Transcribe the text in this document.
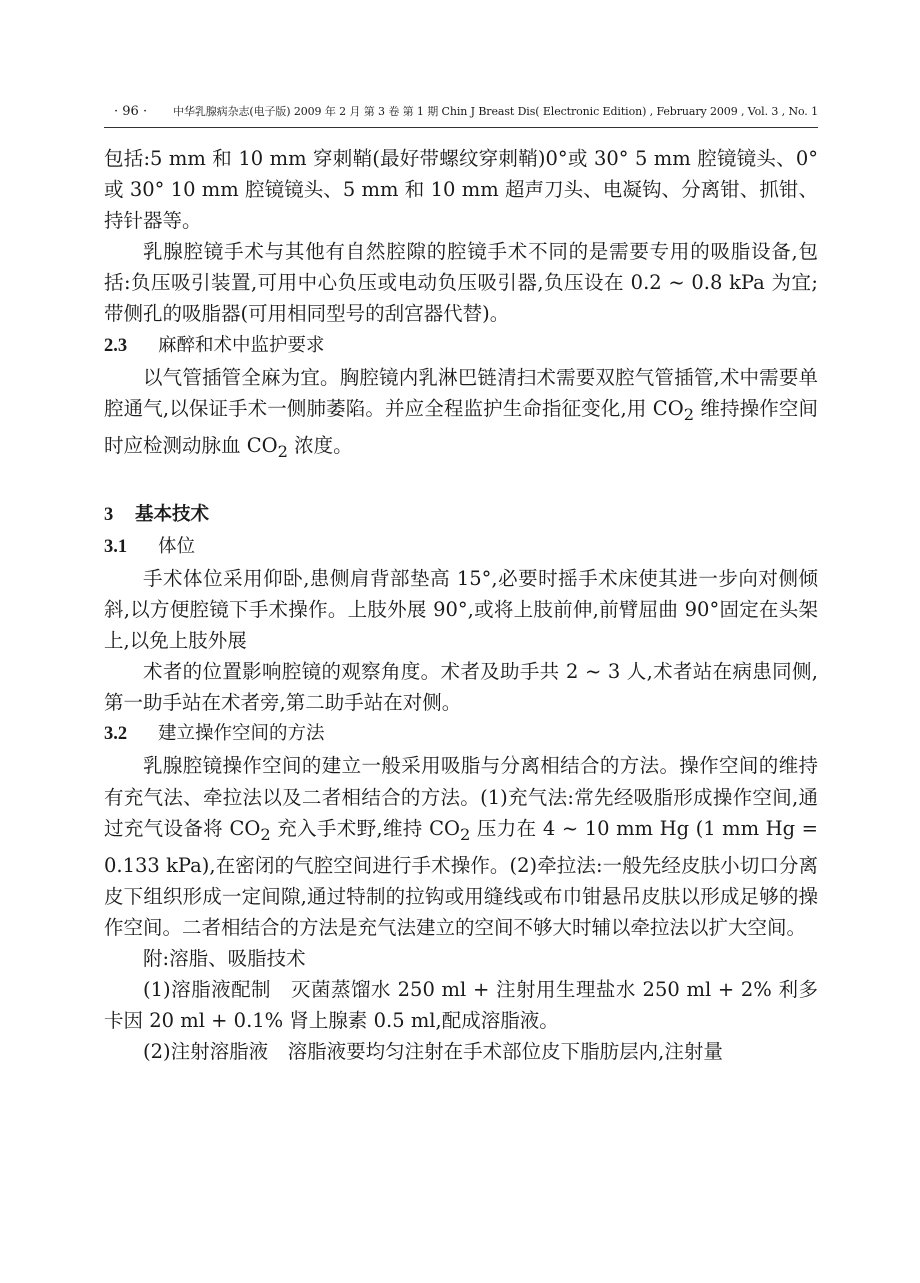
· 96 · 中华乳腺病杂志(电子版) 2009 年 2 月 第 3 卷 第 1 期 Chin J Breast Dis( Electronic Edition) , February 2009 , Vol. 3 , No. 1

包括:5 mm 和 10 mm 穿刺鞘(最好带螺纹穿刺鞘)0°或 30° 5 mm 腔镜镜头、0°或 30° 10 mm 腔镜镜头、5 mm 和 10 mm 超声刀头、电凝钩、分离钳、抓钳、持针器等。

乳腺腔镜手术与其他有自然腔隙的腔镜手术不同的是需要专用的吸脂设备,包括:负压吸引装置,可用中心负压或电动负压吸引器,负压设在 0.2 ~ 0.8 kPa 为宜;带侧孔的吸脂器(可用相同型号的刮宫器代替)。

2.3 麻醉和术中监护要求

以气管插管全麻为宜。胸腔镜内乳淋巴链清扫术需要双腔气管插管,术中需要单腔通气,以保证手术一侧肺萎陷。并应全程监护生命指征变化,用 $CO_2$ 维持操作空间时应检测动脉血 $CO_2$ 浓度。

3 基本技术

3.1 体位

手术体位采用仰卧,患侧肩背部垫高 15°,必要时摇手术床使其进一步向对侧倾斜,以方便腔镜下手术操作。上肢外展 90°,或将上肢前伸,前臂屈曲 90°固定在头架上,以免上肢外展

术者的位置影响腔镜的观察角度。术者及助手共 2 ~ 3 人,术者站在病患同侧,第一助手站在术者旁,第二助手站在对侧。

3.2 建立操作空间的方法

乳腺腔镜操作空间的建立一般采用吸脂与分离相结合的方法。操作空间的维持有充气法、牵拉法以及二者相结合的方法。(1)充气法:常先经吸脂形成操作空间,通过充气设备将 $CO_2$ 充入手术野,维持 $CO_2$ 压力在 4 ~ 10 mm Hg (1 mm Hg = 0.133 kPa),在密闭的气腔空间进行手术操作。(2)牵拉法:一般先经皮肤小切口分离皮下组织形成一定间隙,通过特制的拉钩或用缝线或布巾钳悬吊皮肤以形成足够的操作空间。二者相结合的方法是充气法建立的空间不够大时辅以牵拉法以扩大空间。

附:溶脂、吸脂技术

(1)溶脂液配制　灭菌蒸馏水 250 ml + 注射用生理盐水 250 ml + 2% 利多卡因 20 ml + 0.1% 肾上腺素 0.5 ml,配成溶脂液。

(2)注射溶脂液　溶脂液要均匀注射在手术部位皮下脂肪层内,注射量
